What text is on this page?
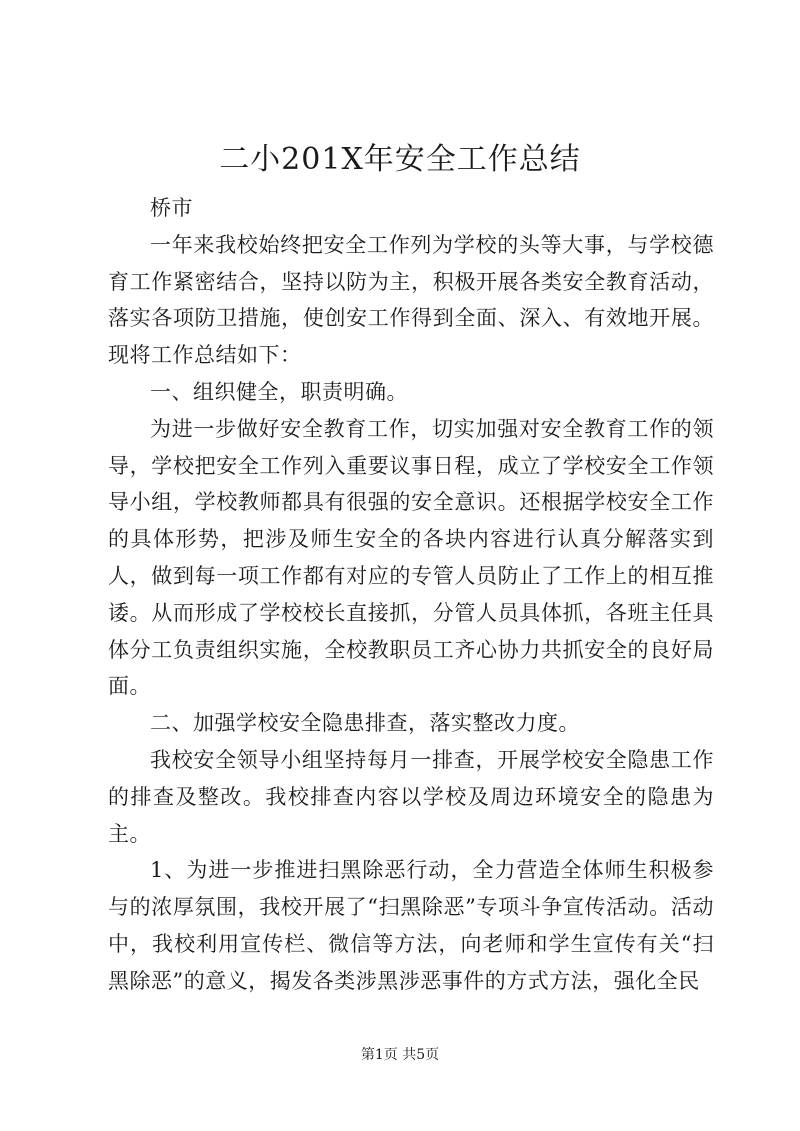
二小201X年安全工作总结

桥市

一年来我校始终把安全工作列为学校的头等大事，与学校德育工作紧密结合，坚持以防为主，积极开展各类安全教育活动，落实各项防卫措施，使创安工作得到全面、深入、有效地开展。现将工作总结如下：

一、组织健全，职责明确。

为进一步做好安全教育工作，切实加强对安全教育工作的领导，学校把安全工作列入重要议事日程，成立了学校安全工作领导小组，学校教师都具有很强的安全意识。还根据学校安全工作的具体形势，把涉及师生安全的各块内容进行认真分解落实到人，做到每一项工作都有对应的专管人员防止了工作上的相互推诿。从而形成了学校校长直接抓，分管人员具体抓，各班主任具体分工负责组织实施，全校教职员工齐心协力共抓安全的良好局面。

二、加强学校安全隐患排查，落实整改力度。

我校安全领导小组坚持每月一排查，开展学校安全隐患工作的排查及整改。我校排查内容以学校及周边环境安全的隐患为主。

1、为进一步推进扫黑除恶行动，全力营造全体师生积极参与的浓厚氛围，我校开展了“扫黑除恶”专项斗争宣传活动。活动中，我校利用宣传栏、微信等方法，向老师和学生宣传有关“扫黑除恶”的意义，揭发各类涉黑涉恶事件的方式方法，强化全民

第1页 共5页
